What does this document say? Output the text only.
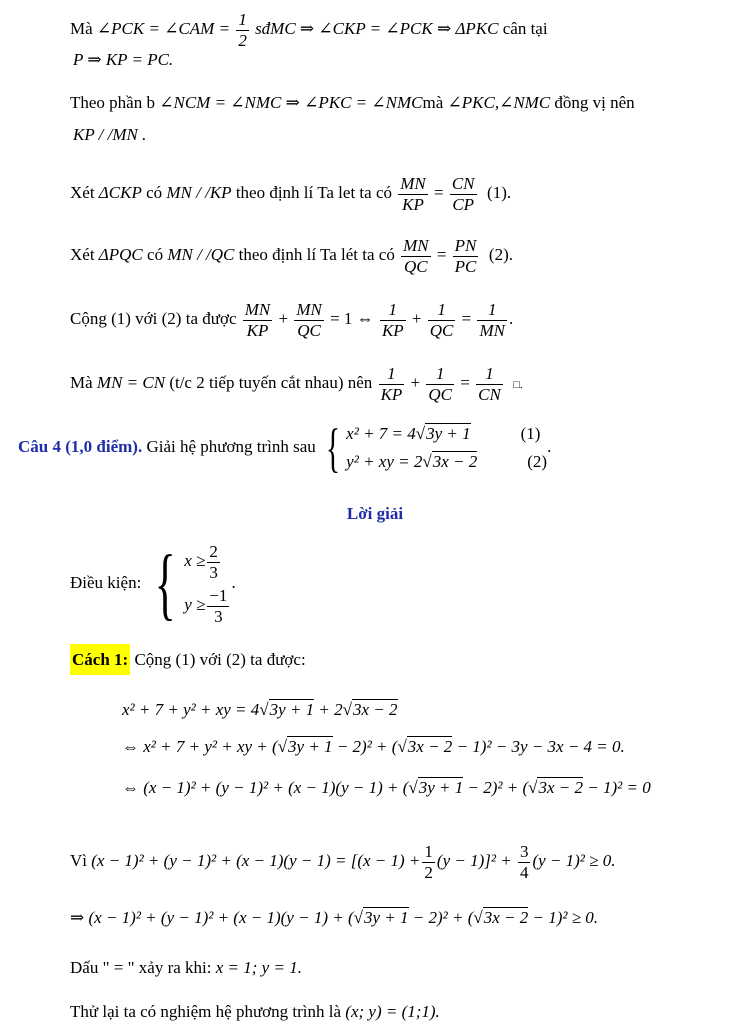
Mà ∠PCK = ∠CAM = $\frac{1}{2}$ sđMC ⇒ ∠CKP = ∠PCK ⇒ ΔPKC cân tại
P ⇒ KP = PC.
Theo phần b ∠NCM = ∠NMC ⇒ ∠PKC = ∠NMCmà ∠PKC,∠NMC đồng vị nên
KP / /MN .
Xét ΔCKP có MN / /KP theo định lí Ta let ta có $\frac{MN}{KP} = \frac{CN}{CP} (1)$.
Xét ΔPQC có MN / /QC theo định lí Ta lét ta có $\frac{MN}{QC} = \frac{PN}{PC} (2)$.
Cộng (1) với (2) ta được $\frac{MN}{KP} + \frac{MN}{QC} = 1$ ⇔ $\frac{1}{KP} + \frac{1}{QC} = \frac{1}{MN}$ .
Mà MN = CN (t/c 2 tiếp tuyến cắt nhau) nên $\frac{1}{KP} + \frac{1}{QC} = \frac{1}{CN}$ □.
Câu 4 (1,0 điểm). Giải hệ phương trình sau { x² + 7 = 4√3y + 1	(1)
y² + xy = 2√3x − 2	(2)
.
Lời giải
Điều kiện: { $x \ge \frac{2}{3}$
$y \ge \frac{-1}{3}$
.
Cách 1: Cộng (1) với (2) ta được:
x² + 7 + y² + xy = 4√3y + 1 + 2√3x − 2
⇔ x² + 7 + y² + xy + (√3y + 1 − 2)² + (√3x − 2 − 1)² − 3y − 3x − 4 = 0.
⇔ (x − 1)² + (y − 1)² + (x − 1)(y − 1) + (√3y + 1 − 2)² + (√3x − 2 − 1)² = 0
Vì $(x - 1)^2 + (y - 1)^2 + (x - 1)(y - 1) = [(x - 1) + \frac{1}{2} (y - 1)]^2 + \frac{3}{4} (y - 1)^2 \ge 0$.
⇒ (x − 1)² + (y − 1)² + (x − 1)(y − 1) + (√3y + 1 − 2)² + (√3x − 2 − 1)² ≥ 0.
Dấu " = " xảy ra khi: x = 1; y = 1.
Thử lại ta có nghiệm hệ phương trình là (x; y) = (1;1).
